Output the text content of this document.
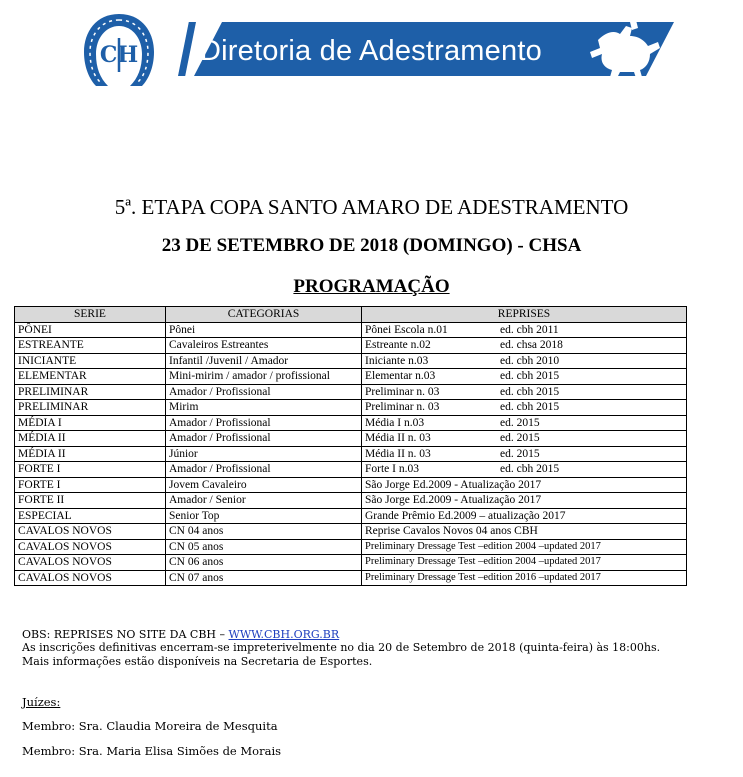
Diretoria de Adestramento
CH
5ª. ETAPA COPA SANTO AMARO DE ADESTRAMENTO
23 DE SETEMBRO DE 2018 (DOMINGO) - CHSA
PROGRAMAÇÃO
SERIE	CATEGORIAS	REPRISES
PÔNEI	Pônei	Pônei Escola n.01 ed. cbh 2011
ESTREANTE	Cavaleiros Estreantes	Estreante n.02 ed. chsa 2018
INICIANTE	Infantil /Juvenil / Amador	Iniciante n.03 ed. cbh 2010
ELEMENTAR	Mini-mirim / amador / profissional	Elementar n.03 ed. cbh 2015
PRELIMINAR	Amador / Profissional	Preliminar n. 03 ed. cbh 2015
PRELIMINAR	Mirim	Preliminar n. 03 ed. cbh 2015
MÉDIA I	Amador / Profissional	Média I n.03 ed. 2015
MÉDIA II	Amador / Profissional	Média II n. 03 ed. 2015
MÉDIA II	Júnior	Média II n. 03 ed. 2015
FORTE I	Amador / Profissional	Forte I n.03 ed. cbh 2015
FORTE I	Jovem Cavaleiro	São Jorge Ed.2009 - Atualização 2017
FORTE II	Amador / Senior	São Jorge Ed.2009 - Atualização 2017
ESPECIAL	Senior Top	Grande Prêmio Ed.2009 – atualização 2017
CAVALOS NOVOS	CN 04 anos	Reprise Cavalos Novos 04 anos CBH
CAVALOS NOVOS	CN 05 anos	Preliminary Dressage Test –edition 2004 –updated 2017
CAVALOS NOVOS	CN 06 anos	Preliminary Dressage Test –edition 2004 –updated 2017
CAVALOS NOVOS	CN 07 anos	Preliminary Dressage Test –edition 2016 –updated 2017
OBS: REPRISES NO SITE DA CBH – WWW.CBH.ORG.BR
As inscrições definitivas encerram-se impreterivelmente no dia 20 de Setembro de 2018 (quinta-feira) às 18:00hs. Mais informações estão disponíveis na Secretaria de Esportes.
Juízes:
Membro: Sra. Claudia Moreira de Mesquita
Membro: Sra. Maria Elisa Simões de Morais
